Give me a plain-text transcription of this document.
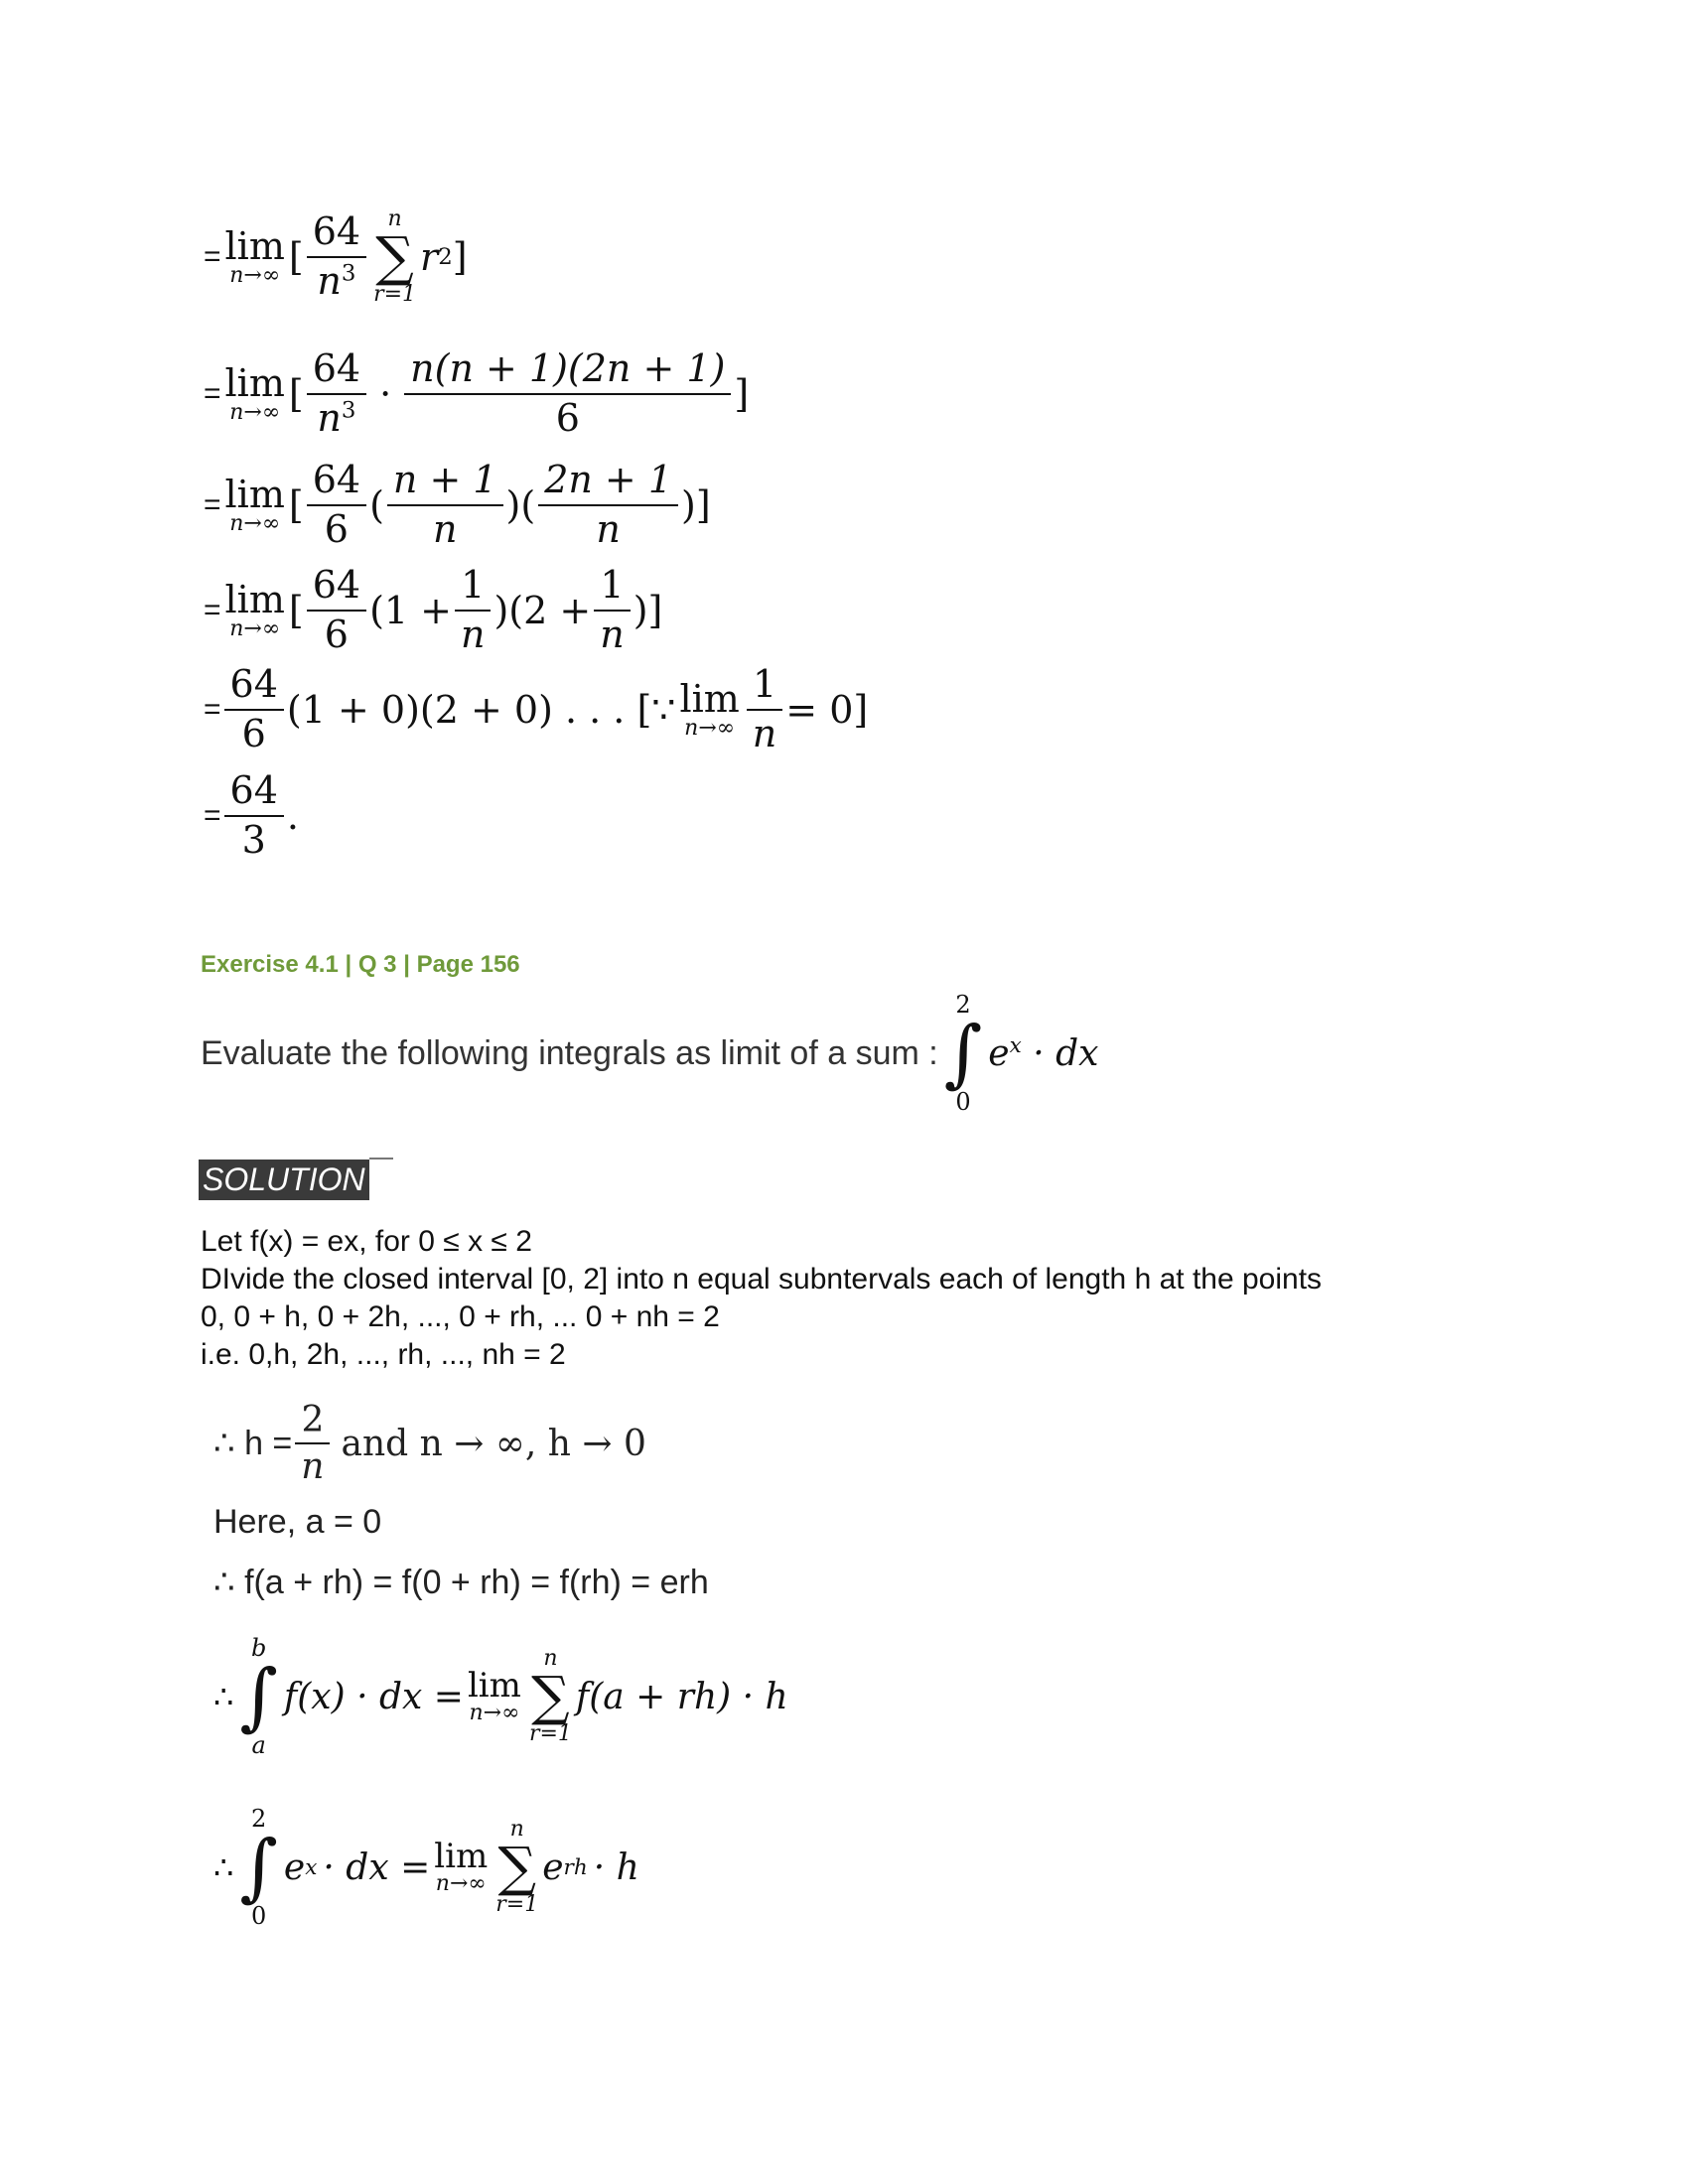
= lim
n→∞ [ $\frac{64}{n^3}$ n
∑
r=1
r 2 ]
= lim
n→∞ [ $\frac{64}{n^3} \cdot \frac{n(n + 1)(2n + 1)}{6}$ ]
= lim
n→∞ [ $\frac{64}{6}$ ( $\frac{n + 1}{n}$ )( $\frac{2n + 1}{n}$ )]
= lim
n→∞ [ $\frac{64}{6} (1 + \frac{1}{n} )(2 + \frac{1}{n}$ )]
= $\frac{64}{6} (1 + 0)(2 + 0)$ . . . [∵ lim
$n\to\infty \frac{1}{n} = 0$]
= $\frac{64}{3}$ .
Exercise 4.1 | Q 3 | Page 156
Evaluate the following integrals as limit of a sum :
2
∫
0
$e^x$ · dx
SOLUTION
Let f(x) = ex, for 0 ≤ x ≤ 2
DIvide the closed interval [0, 2] into n equal subntervals each of length h at the points
0, 0 + h, 0 + 2h, ..., 0 + rh, ... 0 + nh = 2
i.e. 0,h, 2h, ..., rh, ..., nh = 2
∴ $h = \frac{2}{n}$ and n → ∞, h → 0
Here, a = 0
∴ f(a + rh) = f(0 + rh) = f(rh) = erh
∴
b
∫
a
f(x) · dx = lim
n→∞
n
∑
r=1
f(a + rh) · h
∴
2
∫
0
e x · dx = lim
n→∞
n
∑
r=1
e rh · h
